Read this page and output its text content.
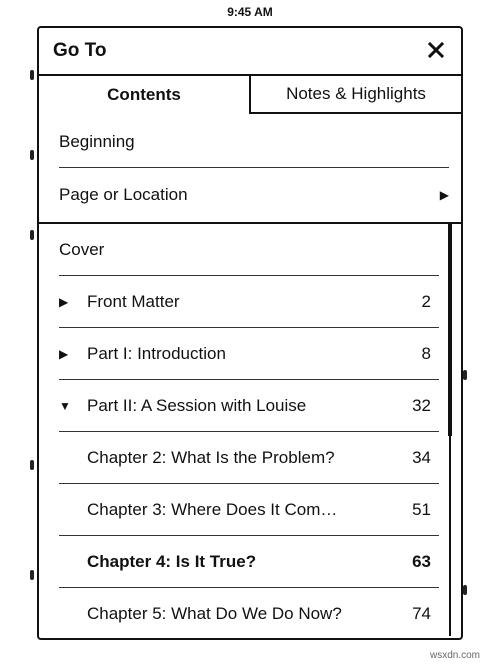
9:45 AM
Go To
Contents	Notes & Highlights
Beginning
Page or Location	▶
Cover
▶ Front Matter	2
▶ Part I: Introduction	8
▼ Part II: A Session with Louise	32
Chapter 2: What Is the Problem?	34
Chapter 3: Where Does It Com…	51
Chapter 4: Is It True?	63
Chapter 5: What Do We Do Now?	74
wsxdn.com
